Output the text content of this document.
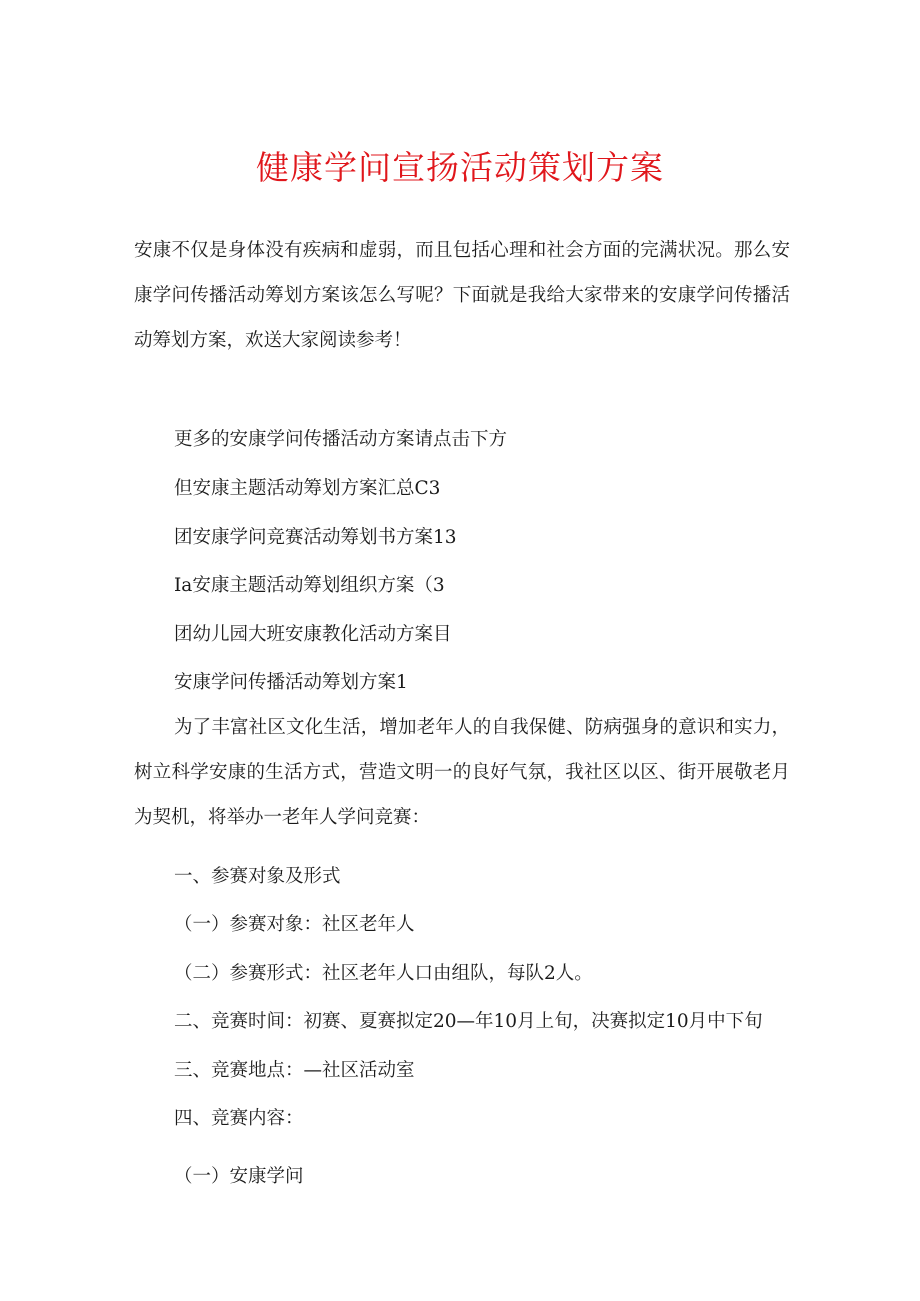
健康学问宣扬活动策划方案

安康不仅是身体没有疾病和虚弱，而且包括心理和社会方面的完满状况。那么安康学问传播活动筹划方案该怎么写呢？下面就是我给大家带来的安康学问传播活动筹划方案，欢送大家阅读参考！

更多的安康学问传播活动方案请点击下方

但安康主题活动筹划方案汇总C3

团安康学问竞赛活动筹划书方案13

Ia安康主题活动筹划组织方案（3

团幼儿园大班安康教化活动方案目

安康学问传播活动筹划方案1

为了丰富社区文化生活，增加老年人的自我保健、防病强身的意识和实力，树立科学安康的生活方式，营造文明一的良好气氛，我社区以区、街开展敬老月为契机，将举办一老年人学问竞赛：

一、参赛对象及形式

（一）参赛对象：社区老年人

（二）参赛形式：社区老年人口由组队，每队2人。

二、竞赛时间：初赛、夏赛拟定20—年10月上旬，决赛拟定10月中下旬

三、竞赛地点：—社区活动室

四、竞赛内容：

（一）安康学问
